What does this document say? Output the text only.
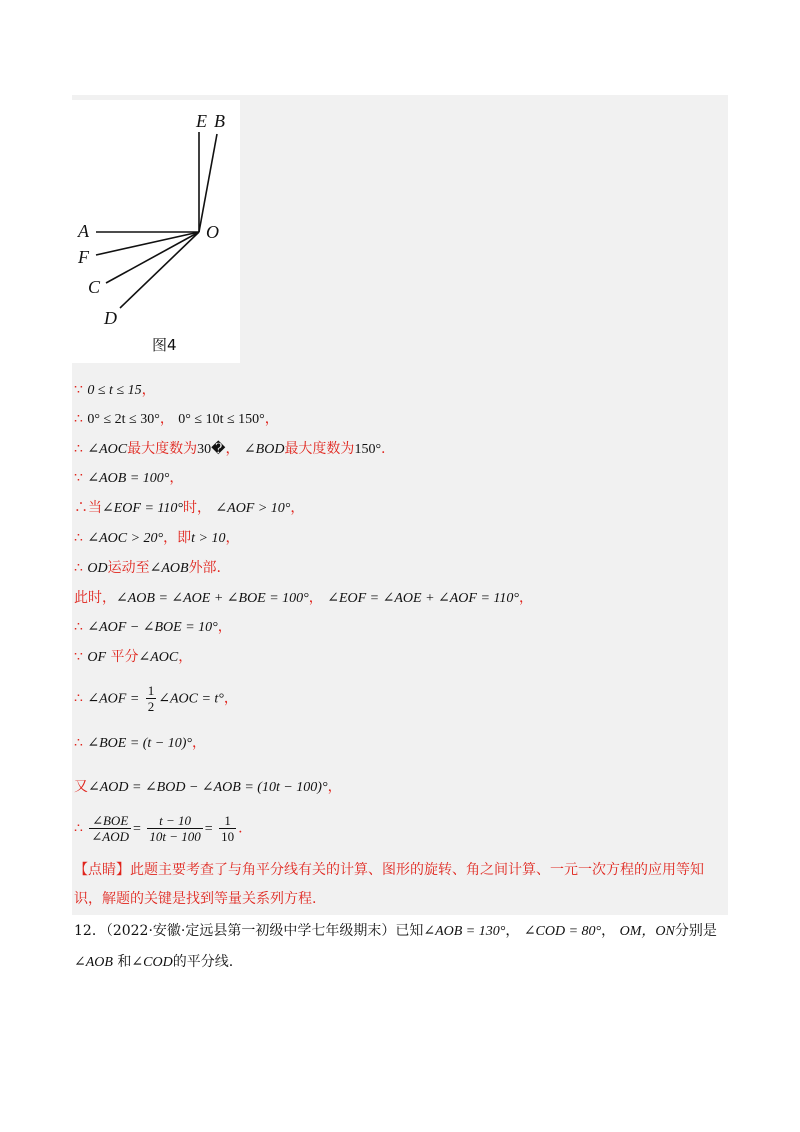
E B
A	O
F
C
D
图4
∵ 0 ≤ t ≤ 15，
∴ 0° ≤ 2t ≤ 30°， 0° ≤ 10t ≤ 150°，
∴ ∠AOC最大度数为30�， ∠BOD最大度数为150°.
∵ ∠AOB = 100°，
∴当∠EOF = 110°时， ∠AOF > 10°，
∴ ∠AOC > 20°，即t > 10，
∴ OD运动至∠AOB外部.
此时，∠AOB = ∠AOE + ∠BOE = 100°， ∠EOF = ∠AOE + ∠AOF = 110°，
∴ ∠AOF − ∠BOE = 10°，
∵ OF 平分∠AOC，
∴ ∠AOF = $\frac{1}{2}$ ∠AOC = t°，
∴ ∠BOE = (t − 10)°，
又∠AOD = ∠BOD − ∠AOB = (10t − 100)°，
∴ $\frac{\text{∠BOE}}{\text{∠AOD}} = \frac{t - 10}{10t - 100} = \frac{1}{10}$ .
【点睛】此题主要考查了与角平分线有关的计算、图形的旋转、角之间计算、一元一次方程的应用等知识，解题的关键是找到等量关系列方程.
12．（2022·安徽·定远县第一初级中学七年级期末）已知∠AOB = 130°， ∠COD = 80°， OM，ON分别是
∠AOB 和∠COD的平分线.
